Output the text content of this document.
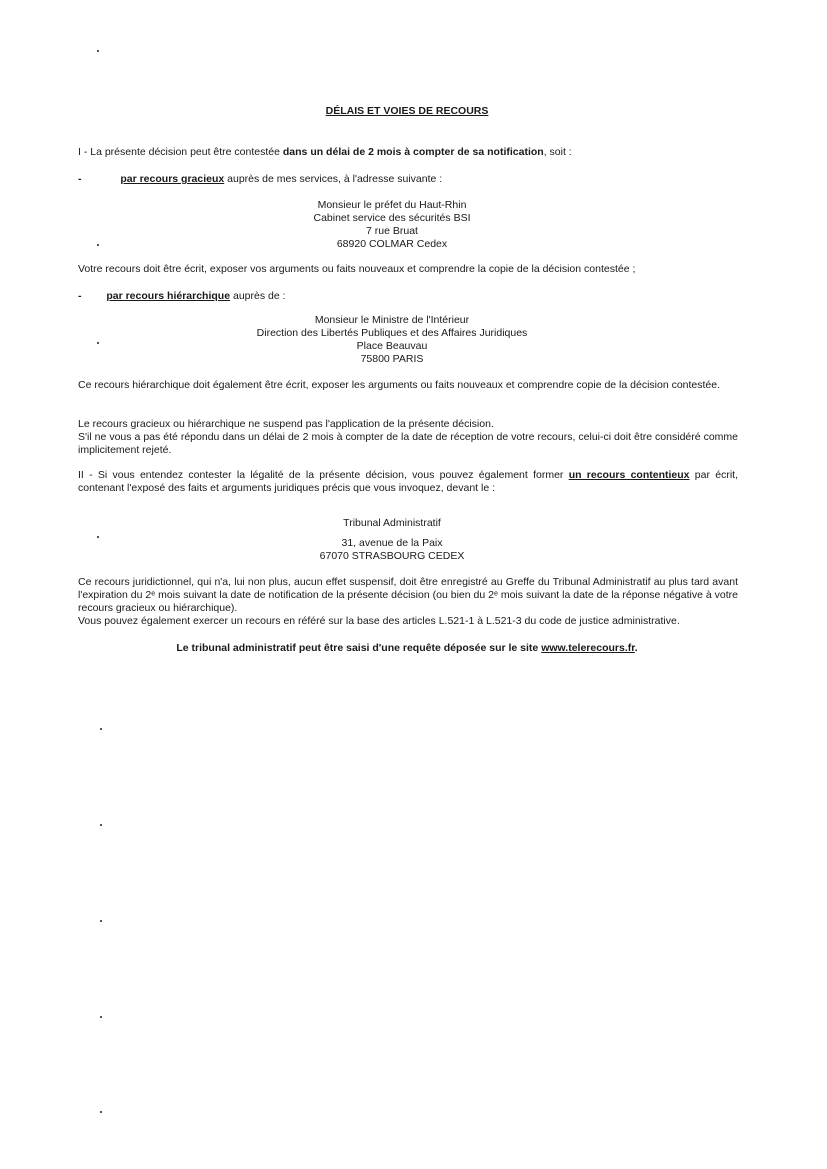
DÉLAIS ET VOIES DE RECOURS
I - La présente décision peut être contestée dans un délai de 2 mois à compter de sa notification, soit :
-	par recours gracieux auprès de mes services, à l'adresse suivante :
Monsieur le préfet du Haut-Rhin
Cabinet service des sécurités BSI
7 rue Bruat
68920 COLMAR Cedex
Votre recours doit être écrit, exposer vos arguments ou faits nouveaux et comprendre la copie de la décision contestée ;
- par recours hiérarchique auprès de :
Monsieur le Ministre de l'Intérieur
Direction des Libertés Publiques et des Affaires Juridiques
Place Beauvau
75800 PARIS
Ce recours hiérarchique doit également être écrit, exposer les arguments ou faits nouveaux et comprendre copie de la décision contestée.
Le recours gracieux ou hiérarchique ne suspend pas l'application de la présente décision.
S'il ne vous a pas été répondu dans un délai de 2 mois à compter de la date de réception de votre recours, celui-ci doit être considéré comme implicitement rejeté.
II - Si vous entendez contester la légalité de la présente décision, vous pouvez également former un recours contentieux par écrit, contenant l'exposé des faits et arguments juridiques précis que vous invoquez, devant le :
Tribunal Administratif
31, avenue de la Paix
67070 STRASBOURG CEDEX
Ce recours juridictionnel, qui n'a, lui non plus, aucun effet suspensif, doit être enregistré au Greffe du Tribunal Administratif au plus tard avant l'expiration du 2ᵉ mois suivant la date de notification de la présente décision (ou bien du 2ᵉ mois suivant la date de la réponse négative à votre recours gracieux ou hiérarchique).
Vous pouvez également exercer un recours en référé sur la base des articles L.521-1 à L.521-3 du code de justice administrative.
Le tribunal administratif peut être saisi d'une requête déposée sur le site www.telerecours.fr.
